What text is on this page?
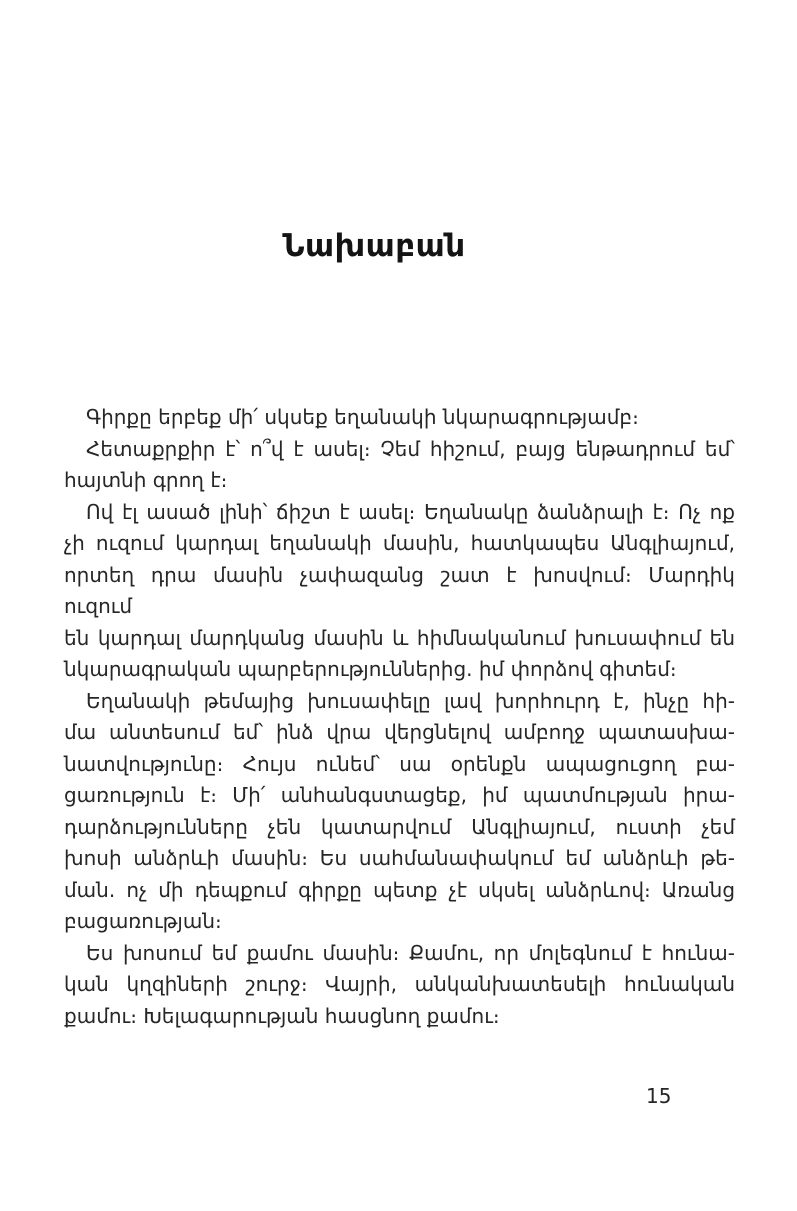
Նախաբան

Գիրքը երբեք մի՛ սկսեք եղանակի նկարագրությամբ։

Հետաքրքիր է՝ ո՞վ է ասել։ Չեմ հիշում, բայց ենթադրում եմ՝
հայտնի գրող է։

Ով էլ ասած լինի՝ ճիշտ է ասել։ Եղանակը ձանձրալի է։ Ոչ ոք
չի ուզում կարդալ եղանակի մասին, հատկապես Անգլիայում,
որտեղ դրա մասին չափազանց շատ է խոսվում։ Մարդիկ ուզում
են կարդալ մարդկանց մասին և հիմնականում խուսափում են
նկարագրական պարբերություններից. իմ փորձով գիտեմ։

Եղանակի թեմայից խուսափելը լավ խորհուրդ է, ինչը հի-
մա անտեսում եմ՝ ինձ վրա վերցնելով ամբողջ պատասխա-
նատվությունը։ Հույս ունեմ՝ սա օրենքն ապացուցող բա-
ցառություն է։ Մի՛ անհանգստացեք, իմ պատմության իրա-
դարձությունները չեն կատարվում Անգլիայում, ուստի չեմ
խոսի անձրևի մասին։ Ես սահմանափակում եմ անձրևի թե-
ման. ոչ մի դեպքում գիրքը պետք չէ սկսել անձրևով։ Առանց
բացառության։

Ես խոսում եմ քամու մասին։ Քամու, որ մոլեգնում է հունա-
կան կղզիների շուրջ։ Վայրի, անկանխատեսելի հունական
քամու։ Խելագարության հասցնող քամու։

15
